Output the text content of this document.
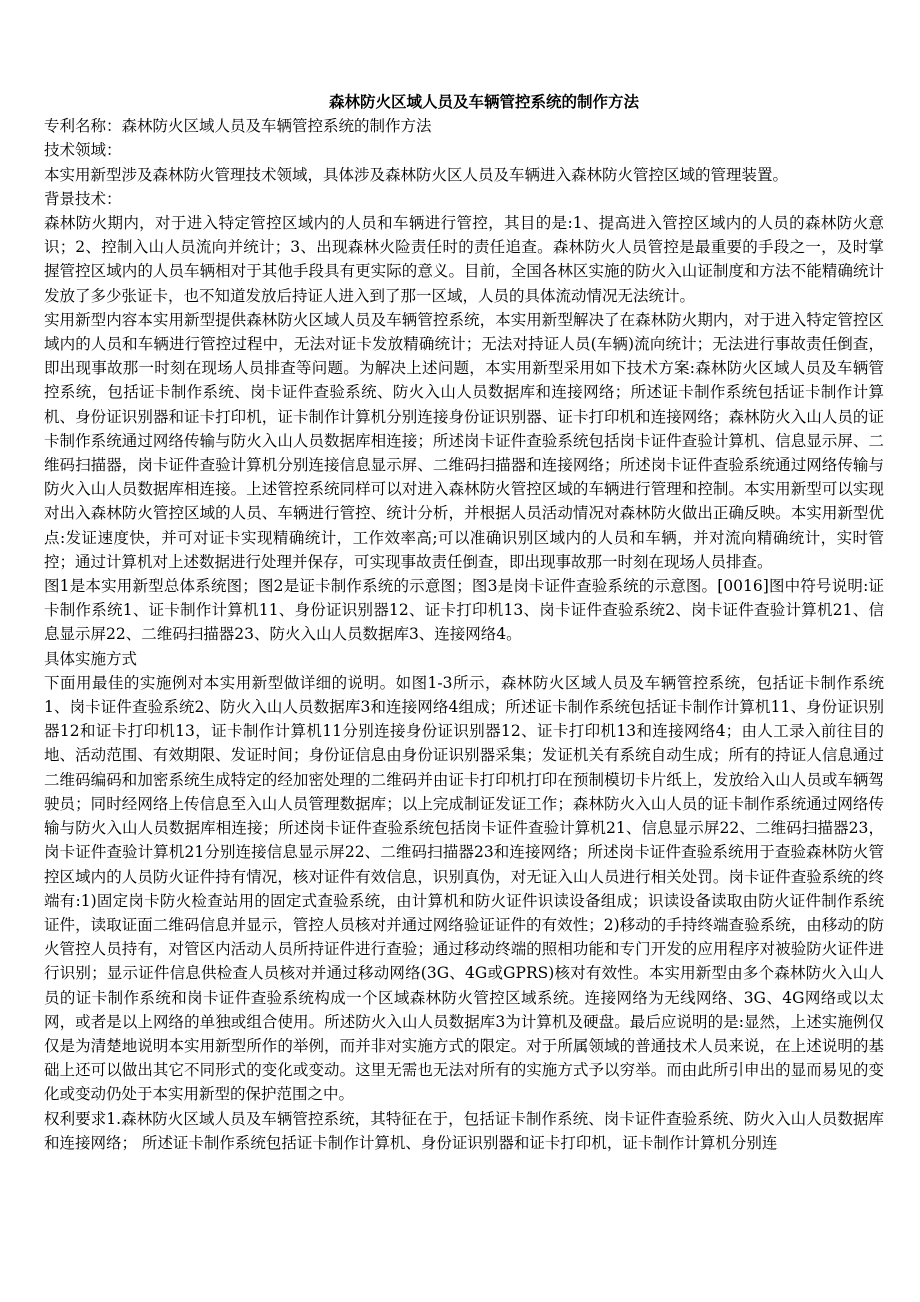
森林防火区域人员及车辆管控系统的制作方法

专利名称：森林防火区域人员及车辆管控系统的制作方法

技术领域：

本实用新型涉及森林防火管理技术领域，具体涉及森林防火区人员及车辆进入森林防火管控区域的管理装置。

背景技术：

森林防火期内，对于进入特定管控区域内的人员和车辆进行管控，其目的是:1、提高进入管控区域内的人员的森林防火意识；2、控制入山人员流向并统计；3、出现森林火险责任时的责任追查。森林防火人员管控是最重要的手段之一，及时掌握管控区域内的人员车辆相对于其他手段具有更实际的意义。目前，全国各林区实施的防火入山证制度和方法不能精确统计发放了多少张证卡，也不知道发放后持证人进入到了那一区域，人员的具体流动情况无法统计。

实用新型内容本实用新型提供森林防火区域人员及车辆管控系统，本实用新型解决了在森林防火期内，对于进入特定管控区域内的人员和车辆进行管控过程中，无法对证卡发放精确统计；无法对持证人员(车辆)流向统计；无法进行事故责任倒查，即出现事故那一时刻在现场人员排查等问题。为解决上述问题，本实用新型采用如下技术方案:森林防火区域人员及车辆管控系统，包括证卡制作系统、岗卡证件查验系统、防火入山人员数据库和连接网络；所述证卡制作系统包括证卡制作计算机、身份证识别器和证卡打印机，证卡制作计算机分别连接身份证识别器、证卡打印机和连接网络；森林防火入山人员的证卡制作系统通过网络传输与防火入山人员数据库相连接；所述岗卡证件查验系统包括岗卡证件查验计算机、信息显示屏、二维码扫描器，岗卡证件查验计算机分别连接信息显示屏、二维码扫描器和连接网络；所述岗卡证件查验系统通过网络传输与防火入山人员数据库相连接。上述管控系统同样可以对进入森林防火管控区域的车辆进行管理和控制。本实用新型可以实现对出入森林防火管控区域的人员、车辆进行管控、统计分析，并根据人员活动情况对森林防火做出正确反映。本实用新型优点:发证速度快，并可对证卡实现精确统计，工作效率高;可以准确识别区域内的人员和车辆，并对流向精确统计，实时管控；通过计算机对上述数据进行处理并保存，可实现事故责任倒查，即出现事故那一时刻在现场人员排查。

图1是本实用新型总体系统图；图2是证卡制作系统的示意图；图3是岗卡证件查验系统的示意图。[0016]图中符号说明:证卡制作系统1、证卡制作计算机11、身份证识别器12、证卡打印机13、岗卡证件查验系统2、岗卡证件查验计算机21、信息显示屏22、二维码扫描器23、防火入山人员数据库3、连接网络4。

具体实施方式

下面用最佳的实施例对本实用新型做详细的说明。如图1-3所示，森林防火区域人员及车辆管控系统，包括证卡制作系统1、岗卡证件查验系统2、防火入山人员数据库3和连接网络4组成；所述证卡制作系统包括证卡制作计算机11、身份证识别器12和证卡打印机13，证卡制作计算机11分别连接身份证识别器12、证卡打印机13和连接网络4；由人工录入前往目的地、活动范围、有效期限、发证时间；身份证信息由身份证识别器采集；发证机关有系统自动生成；所有的持证人信息通过二维码编码和加密系统生成特定的经加密处理的二维码并由证卡打印机打印在预制模切卡片纸上，发放给入山人员或车辆驾驶员；同时经网络上传信息至入山人员管理数据库；以上完成制证发证工作；森林防火入山人员的证卡制作系统通过网络传输与防火入山人员数据库相连接；所述岗卡证件查验系统包括岗卡证件查验计算机21、信息显示屏22、二维码扫描器23，岗卡证件查验计算机21分别连接信息显示屏22、二维码扫描器23和连接网络；所述岗卡证件查验系统用于查验森林防火管控区域内的人员防火证件持有情况，核对证件有效信息，识别真伪，对无证入山人员进行相关处罚。岗卡证件查验系统的终端有:1)固定岗卡防火检查站用的固定式查验系统，由计算机和防火证件识读设备组成；识读设备读取由防火证件制作系统证件，读取证面二维码信息并显示，管控人员核对并通过网络验证证件的有效性；2)移动的手持终端查验系统，由移动的防火管控人员持有，对管区内活动人员所持证件进行查验；通过移动终端的照相功能和专门开发的应用程序对被验防火证件进行识别；显示证件信息供检查人员核对并通过移动网络(3G、4G或GPRS)核对有效性。本实用新型由多个森林防火入山人员的证卡制作系统和岗卡证件查验系统构成一个区域森林防火管控区域系统。连接网络为无线网络、3G、4G网络或以太网，或者是以上网络的单独或组合使用。所述防火入山人员数据库3为计算机及硬盘。最后应说明的是:显然，上述实施例仅仅是为清楚地说明本实用新型所作的举例，而并非对实施方式的限定。对于所属领域的普通技术人员来说，在上述说明的基础上还可以做出其它不同形式的变化或变动。这里无需也无法对所有的实施方式予以穷举。而由此所引申出的显而易见的变化或变动仍处于本实用新型的保护范围之中。

权利要求1.森林防火区域人员及车辆管控系统，其特征在于，包括证卡制作系统、岗卡证件查验系统、防火入山人员数据库和连接网络； 所述证卡制作系统包括证卡制作计算机、身份证识别器和证卡打印机，证卡制作计算机分别连
